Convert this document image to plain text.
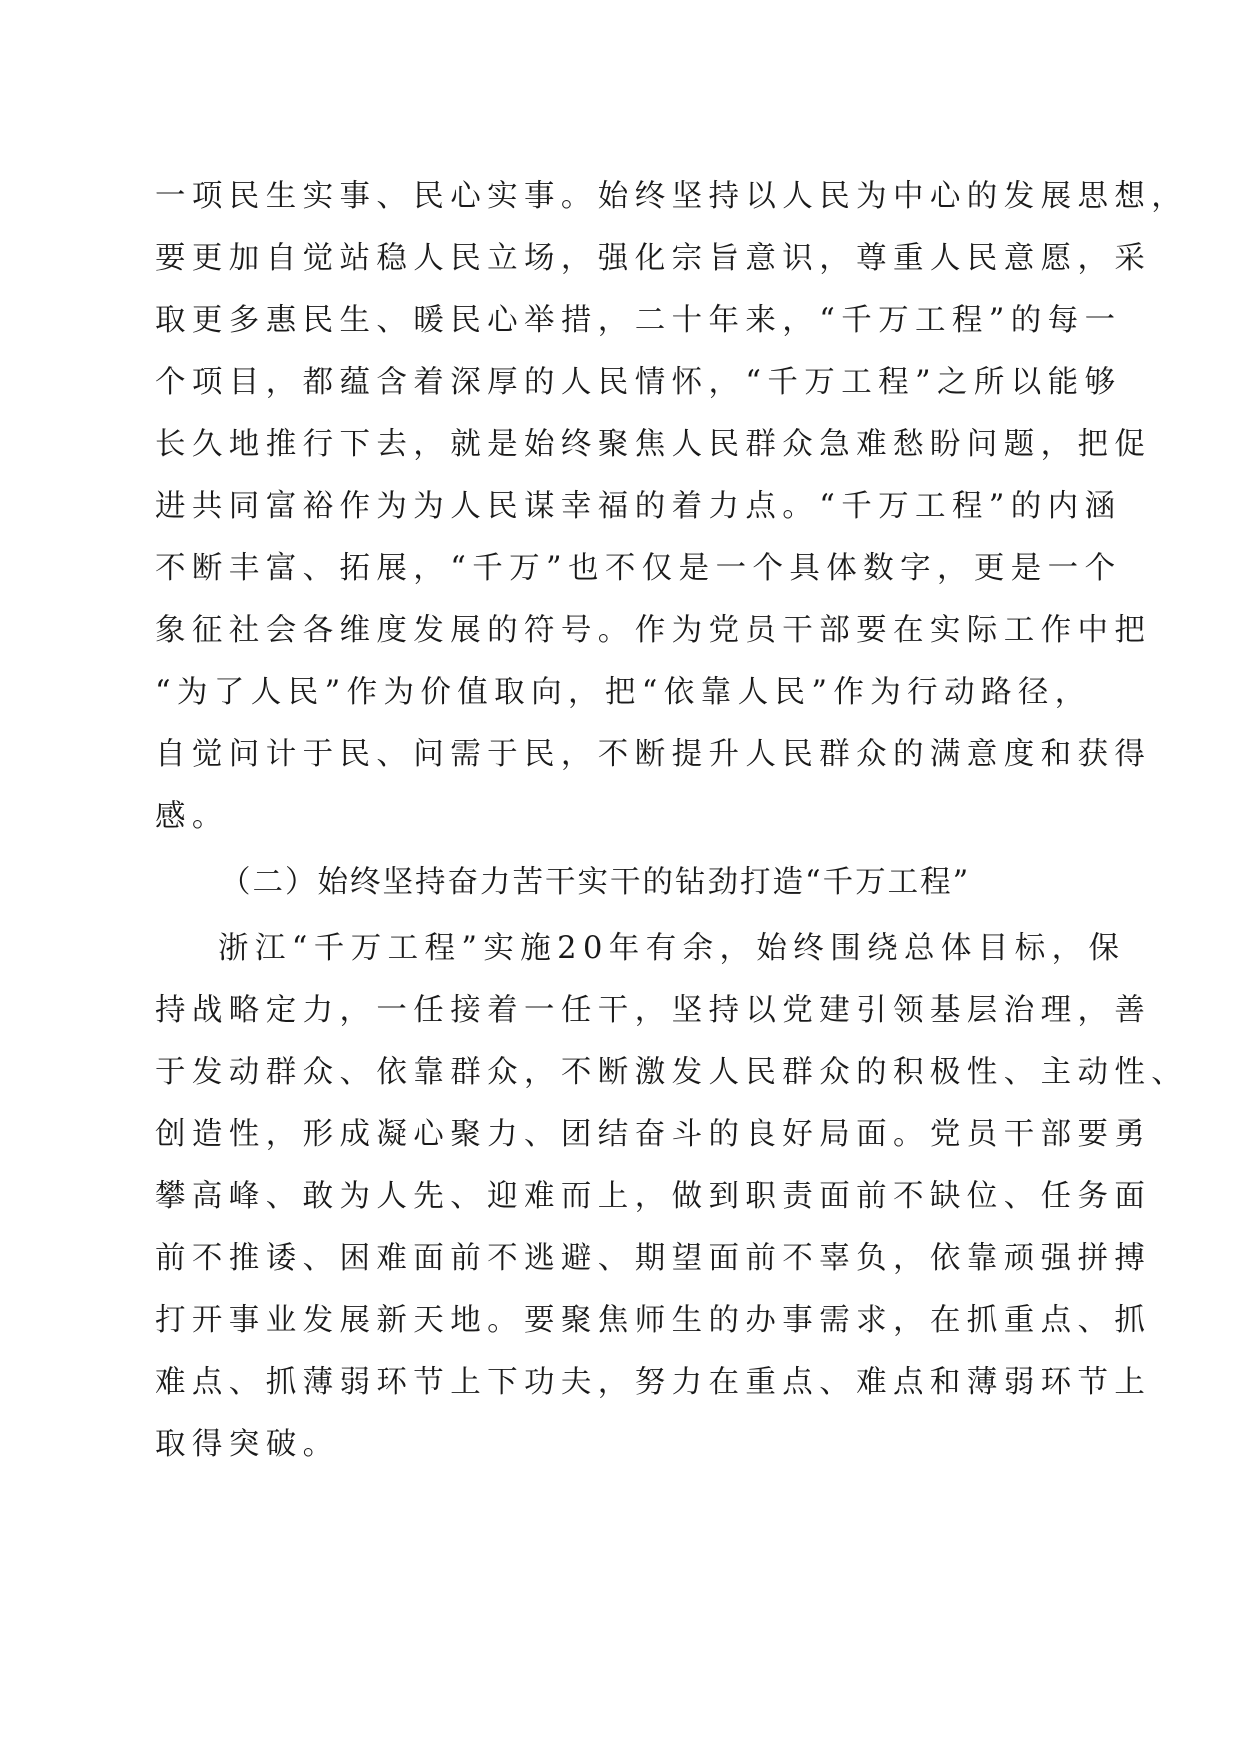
一项民生实事、民心实事。始终坚持以人民为中心的发展思想，
要更加自觉站稳人民立场，强化宗旨意识，尊重人民意愿，采
取更多惠民生、暖民心举措，二十年来，“千万工程”的每一
个项目，都蕴含着深厚的人民情怀，“千万工程”之所以能够
长久地推行下去，就是始终聚焦人民群众急难愁盼问题，把促
进共同富裕作为为人民谋幸福的着力点。“千万工程”的内涵
不断丰富、拓展，“千万”也不仅是一个具体数字，更是一个
象征社会各维度发展的符号。作为党员干部要在实际工作中把
“为了人民”作为价值取向，把“依靠人民”作为行动路径，
自觉问计于民、问需于民，不断提升人民群众的满意度和获得
感。
（二）始终坚持奋力苦干实干的钻劲打造“千万工程”
浙江“千万工程”实施20年有余，始终围绕总体目标，保
持战略定力，一任接着一任干，坚持以党建引领基层治理，善
于发动群众、依靠群众，不断激发人民群众的积极性、主动性、
创造性，形成凝心聚力、团结奋斗的良好局面。党员干部要勇
攀高峰、敢为人先、迎难而上，做到职责面前不缺位、任务面
前不推诿、困难面前不逃避、期望面前不辜负，依靠顽强拼搏
打开事业发展新天地。要聚焦师生的办事需求，在抓重点、抓
难点、抓薄弱环节上下功夫，努力在重点、难点和薄弱环节上
取得突破。
